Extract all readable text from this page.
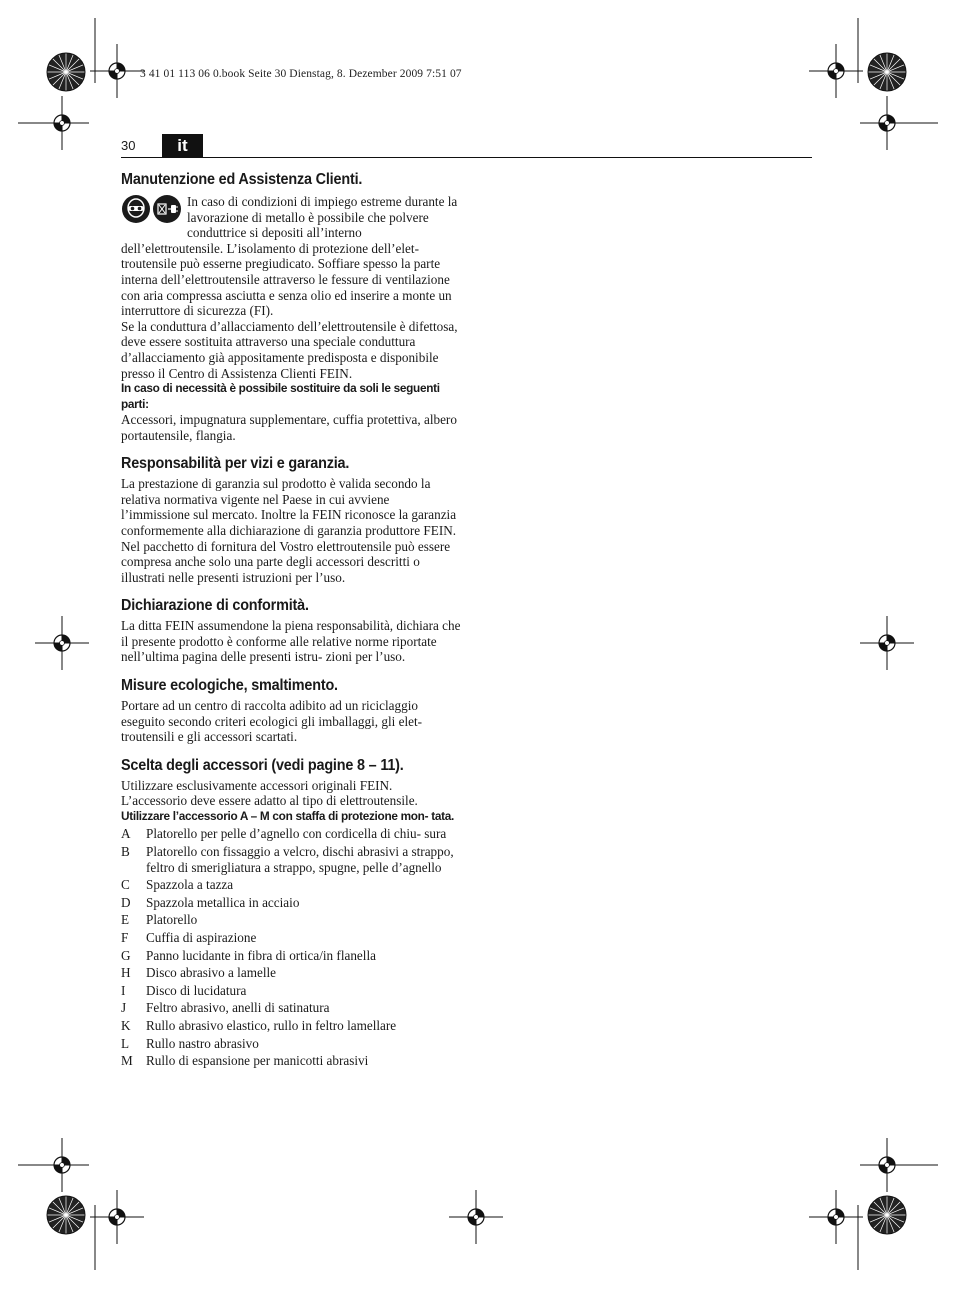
3 41 01 113 06 0.book Seite 30 Dienstag, 8. Dezember 2009 7:51 07
30	it
Manutenzione ed Assistenza Clienti.

In caso di condizioni di impiego estreme durante la lavorazione di metallo è possibile che polvere conduttrice si depositi all’interno dell’elettroutensile. L’isolamento di protezione dell’elet- troutensile può esserne pregiudicato. Soffiare spesso la parte interna dell’elettroutensile attraverso le fessure di ventilazione con aria compressa asciutta e senza olio ed inserire a monte un interruttore di sicurezza (FI).

Se la conduttura d’allacciamento dell’elettroutensile è difettosa, deve essere sostituita attraverso una speciale conduttura d’allacciamento già appositamente predisposta e disponibile presso il Centro di Assistenza Clienti FEIN.

In caso di necessità è possibile sostituire da soli le seguenti parti:

Accessori, impugnatura supplementare, cuffia protettiva, albero portautensile, flangia.

Responsabilità per vizi e garanzia.

La prestazione di garanzia sul prodotto è valida secondo la relativa normativa vigente nel Paese in cui avviene l’immissione sul mercato. Inoltre la FEIN riconosce la garanzia conformemente alla dichiarazione di garanzia produttore FEIN.

Nel pacchetto di fornitura del Vostro elettroutensile può essere compresa anche solo una parte degli accessori descritti o illustrati nelle presenti istruzioni per l’uso.

Dichiarazione di conformità.

La ditta FEIN assumendone la piena responsabilità, dichiara che il presente prodotto è conforme alle relative norme riportate nell’ultima pagina delle presenti istru- zioni per l’uso.

Misure ecologiche, smaltimento.

Portare ad un centro di raccolta adibito ad un riciclaggio eseguito secondo criteri ecologici gli imballaggi, gli elet- troutensili e gli accessori scartati.

Scelta degli accessori (vedi pagine 8 – 11).

Utilizzare esclusivamente accessori originali FEIN.

L’accessorio deve essere adatto al tipo di elettroutensile.

Utilizzare l’accessorio A – M con staffa di protezione mon- tata.

A	Platorello per pelle d’agnello con cordicella di chiu- sura
B	Platorello con fissaggio a velcro, dischi abrasivi a strappo, feltro di smerigliatura a strappo, spugne, pelle d’agnello
C	Spazzola a tazza
D	Spazzola metallica in acciaio
E	Platorello
F	Cuffia di aspirazione
G	Panno lucidante in fibra di ortica/in flanella
H	Disco abrasivo a lamelle
I	Disco di lucidatura
J	Feltro abrasivo, anelli di satinatura
K	Rullo abrasivo elastico, rullo in feltro lamellare
L	Rullo nastro abrasivo
M	Rullo di espansione per manicotti abrasivi
